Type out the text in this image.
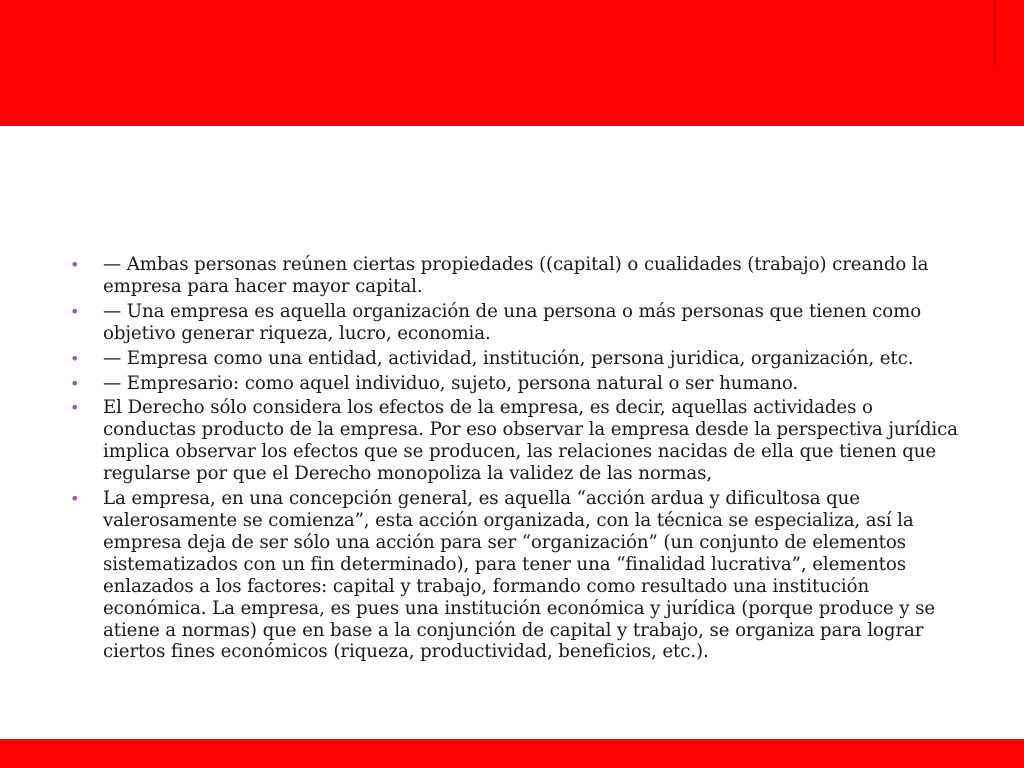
• — Ambas personas reúnen ciertas propiedades ((capital) o cualidades (trabajo) creando la empresa para hacer mayor capital.
• — Una empresa es aquella organización de una persona o más personas que tienen como objetivo generar riqueza, lucro, economia.
• — Empresa como una entidad, actividad, institución, persona juridica, organización, etc.
• — Empresario: como aquel individuo, sujeto, persona natural o ser humano.
• El Derecho sólo considera los efectos de la empresa, es decir, aquellas actividades o conductas producto de la empresa. Por eso observar la empresa desde la perspectiva jurídica implica observar los efectos que se producen, las relaciones nacidas de ella que tienen que regularse por que el Derecho monopoliza la validez de las normas,
• La empresa, en una concepción general, es aquella “acción ardua y dificultosa que valerosamente se comienza”, esta acción organizada, con la técnica se especializa, así la empresa deja de ser sólo una acción para ser “organización” (un conjunto de elementos sistematizados con un fin determinado), para tener una “finalidad lucrativa”, elementos enlazados a los factores: capital y trabajo, formando como resultado una institución económica. La empresa, es pues una institución económica y jurídica (porque produce y se atiene a normas) que en base a la conjunción de capital y trabajo, se organiza para lograr ciertos fines económicos (riqueza, productividad, beneficios, etc.).
